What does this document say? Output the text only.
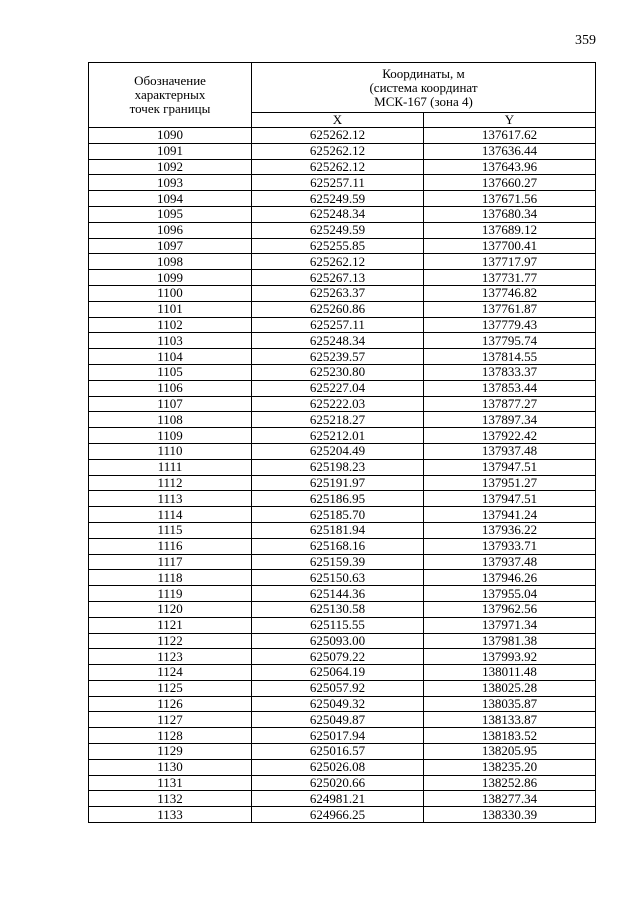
359
Обозначение
характерных
точек границы	Координаты, м
(система координат
МСК-167 (зона 4)	
	X	Y
1090	625262.12	137617.62
1091	625262.12	137636.44
1092	625262.12	137643.96
1093	625257.11	137660.27
1094	625249.59	137671.56
1095	625248.34	137680.34
1096	625249.59	137689.12
1097	625255.85	137700.41
1098	625262.12	137717.97
1099	625267.13	137731.77
1100	625263.37	137746.82
1101	625260.86	137761.87
1102	625257.11	137779.43
1103	625248.34	137795.74
1104	625239.57	137814.55
1105	625230.80	137833.37
1106	625227.04	137853.44
1107	625222.03	137877.27
1108	625218.27	137897.34
1109	625212.01	137922.42
1110	625204.49	137937.48
1111	625198.23	137947.51
1112	625191.97	137951.27
1113	625186.95	137947.51
1114	625185.70	137941.24
1115	625181.94	137936.22
1116	625168.16	137933.71
1117	625159.39	137937.48
1118	625150.63	137946.26
1119	625144.36	137955.04
1120	625130.58	137962.56
1121	625115.55	137971.34
1122	625093.00	137981.38
1123	625079.22	137993.92
1124	625064.19	138011.48
1125	625057.92	138025.28
1126	625049.32	138035.87
1127	625049.87	138133.87
1128	625017.94	138183.52
1129	625016.57	138205.95
1130	625026.08	138235.20
1131	625020.66	138252.86
1132	624981.21	138277.34
1133	624966.25	138330.39
